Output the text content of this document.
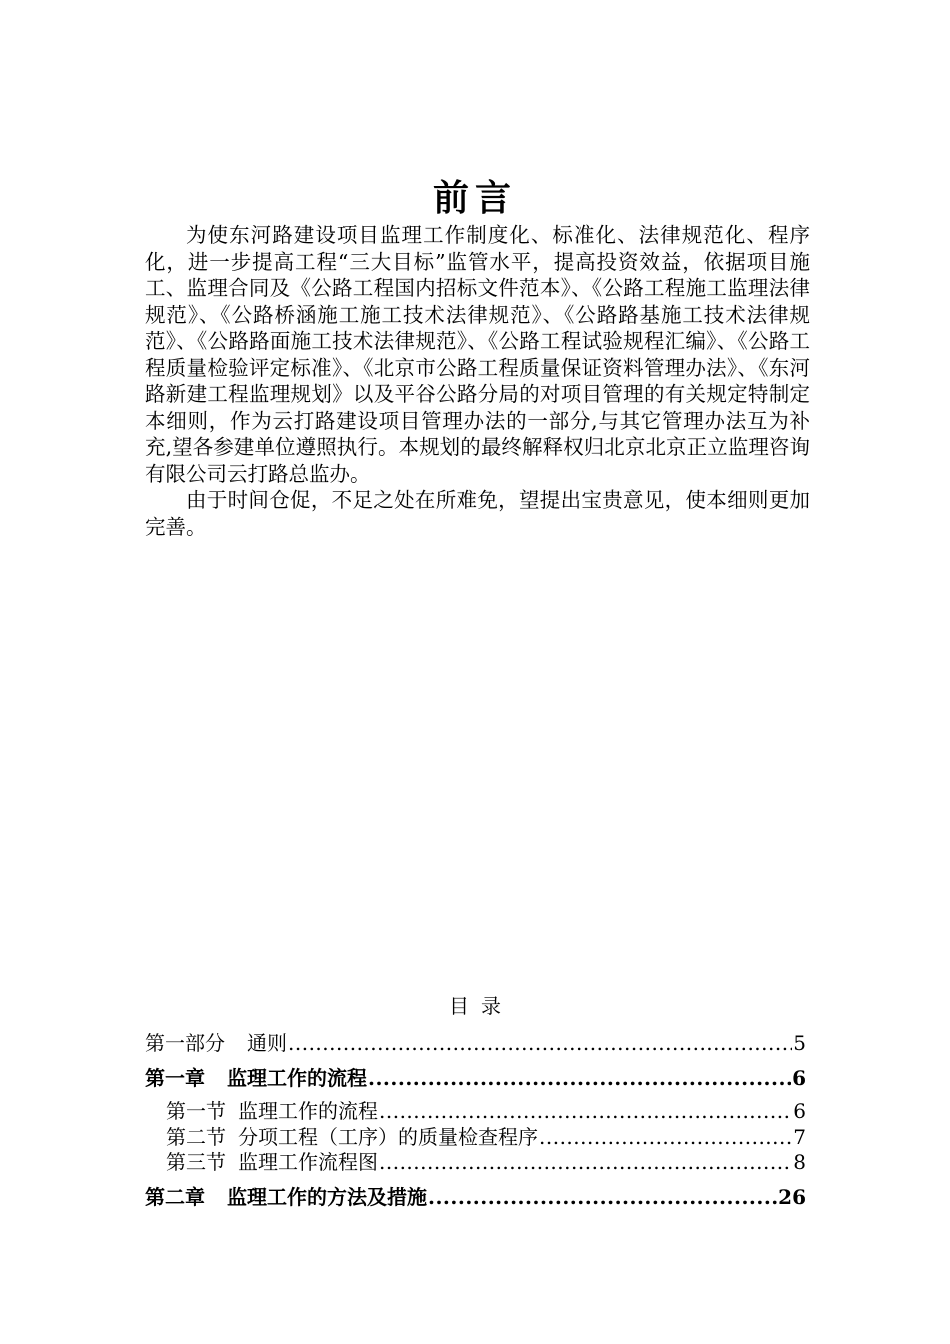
前言

为使东河路建设项目监理工作制度化、标准化、法律规范化、程序化，进一步提高工程“三大目标”监管水平，提高投资效益，依据项目施工、监理合同及《公路工程国内招标文件范本》、《公路工程施工监理法律规范》、《公路桥涵施工施工技术法律规范》、《公路路基施工技术法律规范》、《公路路面施工技术法律规范》、《公路工程试验规程汇编》、《公路工程质量检验评定标准》、《北京市公路工程质量保证资料管理办法》、《东河路新建工程监理规划》以及平谷公路分局的对项目管理的有关规定特制定本细则，作为云打路建设项目管理办法的一部分,与其它管理办法互为补充,望各参建单位遵照执行。本规划的最终解释权归北京北京正立监理咨询有限公司云打路总监办。

由于时间仓促，不足之处在所难免，望提出宝贵意见，使本细则更加完善。

目录
第一部分 通则 .....	5
第一章 监理工作的流程 .....	6
第一节 监理工作的流程 .....	6
第二节 分项工程（工序）的质量检查程序 .....	7
第三节 监理工作流程图 .....	8
第二章 监理工作的方法及措施 .....	26
